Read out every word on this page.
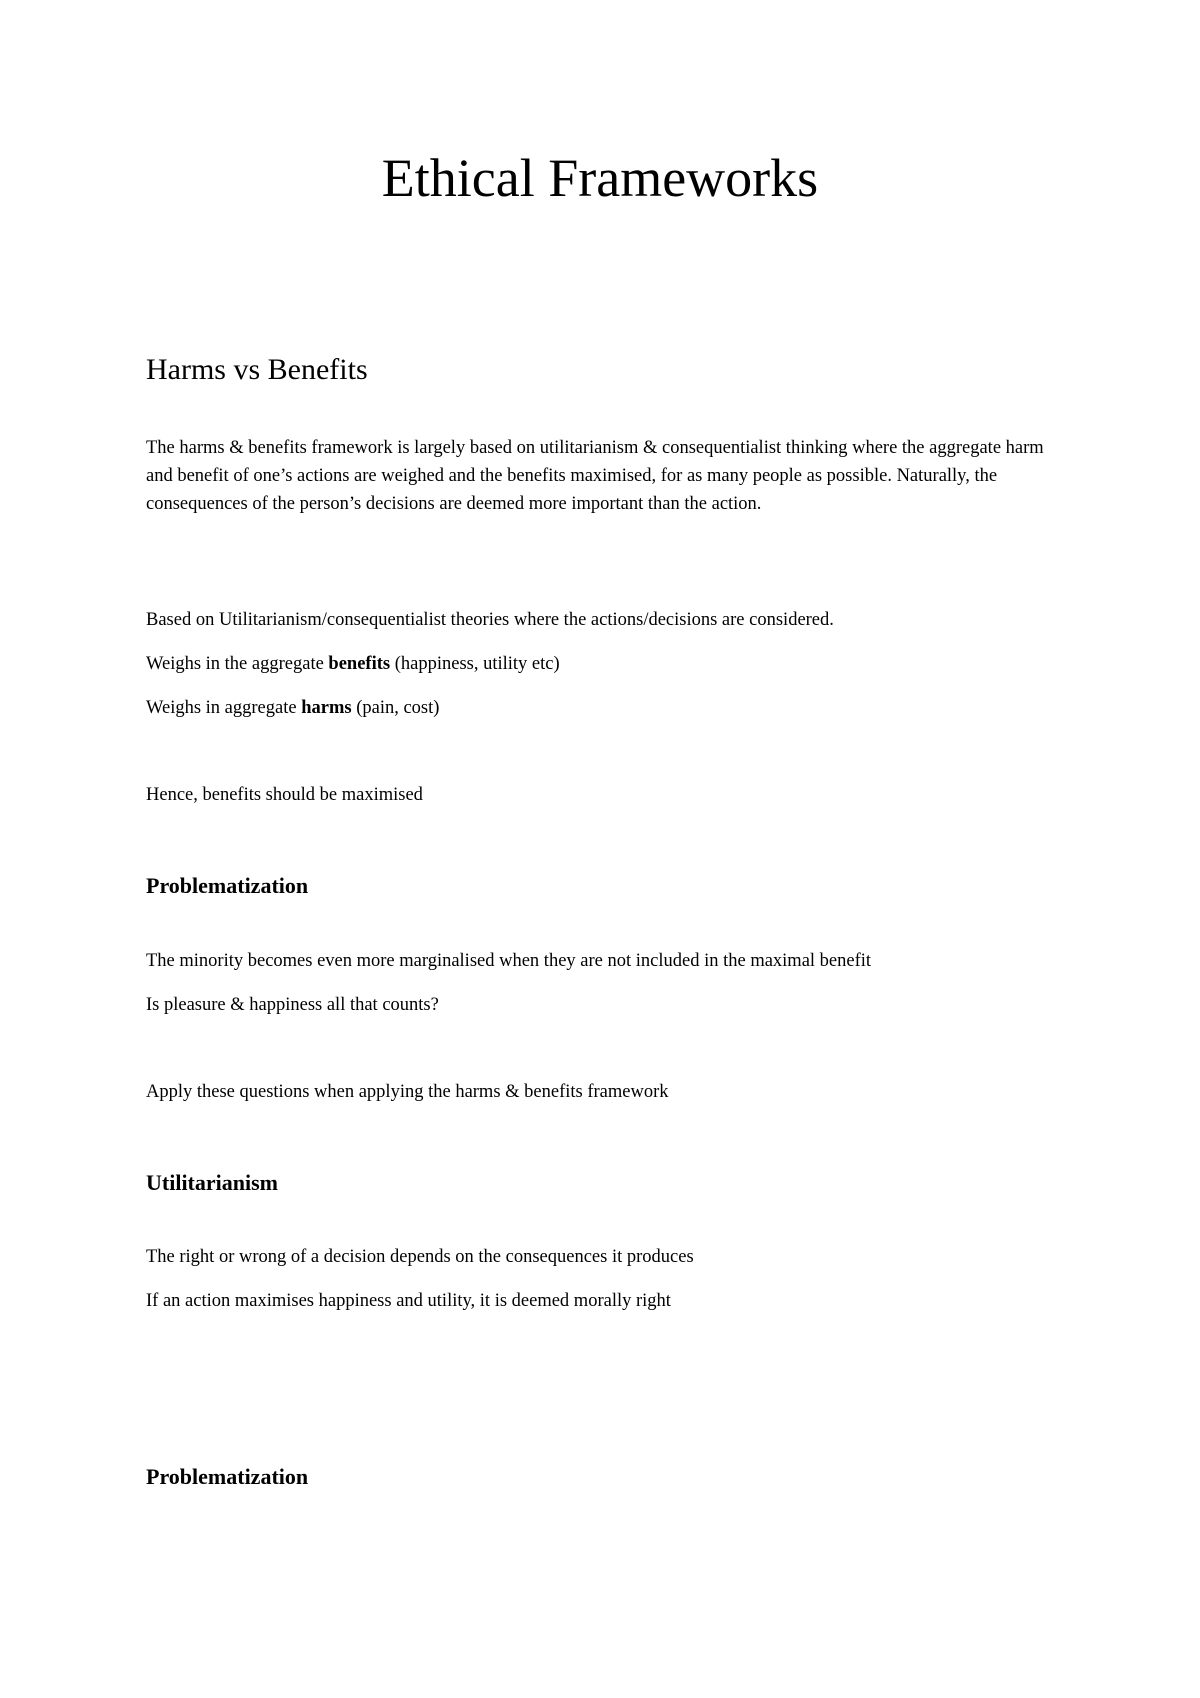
Ethical Frameworks
Harms vs Benefits

The harms & benefits framework is largely based on utilitarianism & consequentialist thinking where the aggregate harm and benefit of one’s actions are weighed and the benefits maximised, for as many people as possible. Naturally, the consequences of the person’s decisions are deemed more important than the action.

Based on Utilitarianism/consequentialist theories where the actions/decisions are considered.

Weighs in the aggregate benefits (happiness, utility etc)

Weighs in aggregate harms (pain, cost)

Hence, benefits should be maximised

Problematization

The minority becomes even more marginalised when they are not included in the maximal benefit

Is pleasure & happiness all that counts?

Apply these questions when applying the harms & benefits framework

Utilitarianism

The right or wrong of a decision depends on the consequences it produces

If an action maximises happiness and utility, it is deemed morally right

Problematization
